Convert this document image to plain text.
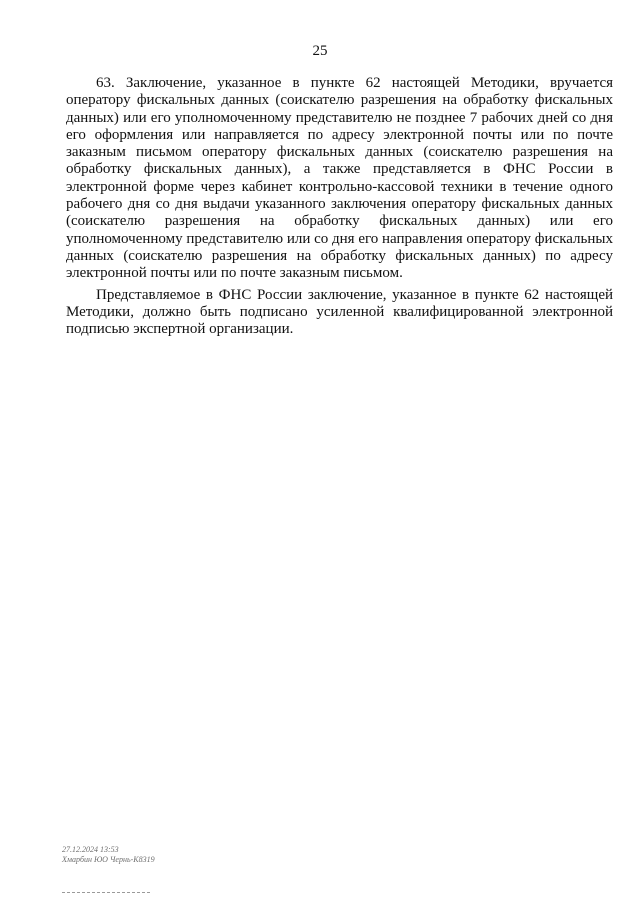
25

63. Заключение, указанное в пункте 62 настоящей Методики, вручается оператору фискальных данных (соискателю разрешения на обработку фискальных данных) или его уполномоченному представителю не позднее 7 рабочих дней со дня его оформления или направляется по адресу электронной почты или по почте заказным письмом оператору фискальных данных (соискателю разрешения на обработку фискальных данных), а также представляется в ФНС России в электронной форме через кабинет контрольно-кассовой техники в течение одного рабочего дня со дня выдачи указанного заключения оператору фискальных данных (соискателю разрешения на обработку фискальных данных) или его уполномоченному представителю или со дня его направления оператору фискальных данных (соискателю разрешения на обработку фискальных данных) по адресу электронной почты или по почте заказным письмом.

Представляемое в ФНС России заключение, указанное в пункте 62 настоящей Методики, должно быть подписано усиленной квалифицированной электронной подписью экспертной организации.

27.12.2024 13:53
Хмарбин ЮО Чернь-К8319
